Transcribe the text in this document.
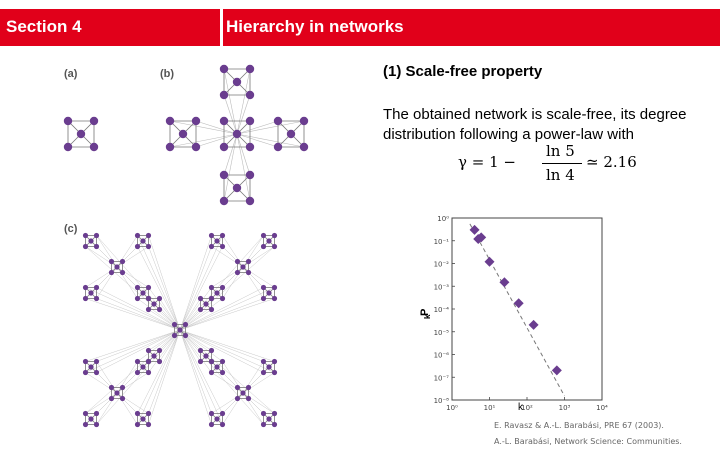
Section 4	Hierarchy in networks
(a)	(b)
(c)
(1) Scale-free property
The obtained network is scale-free, its degree distribution following a power-law with
γ = 1 −
ln 5
ln 4
≃ 2.16
10⁰
10⁻¹
10⁻²
10⁻³
10⁻⁴
10⁻⁵
10⁻⁶
10⁻⁷
10⁻⁸
10⁰	10¹	10²	10³	10⁴
k
P
k
E. Ravasz & A.-L. Barabási, PRE 67 (2003).
A.-L. Barabási, Network Science: Communities.
